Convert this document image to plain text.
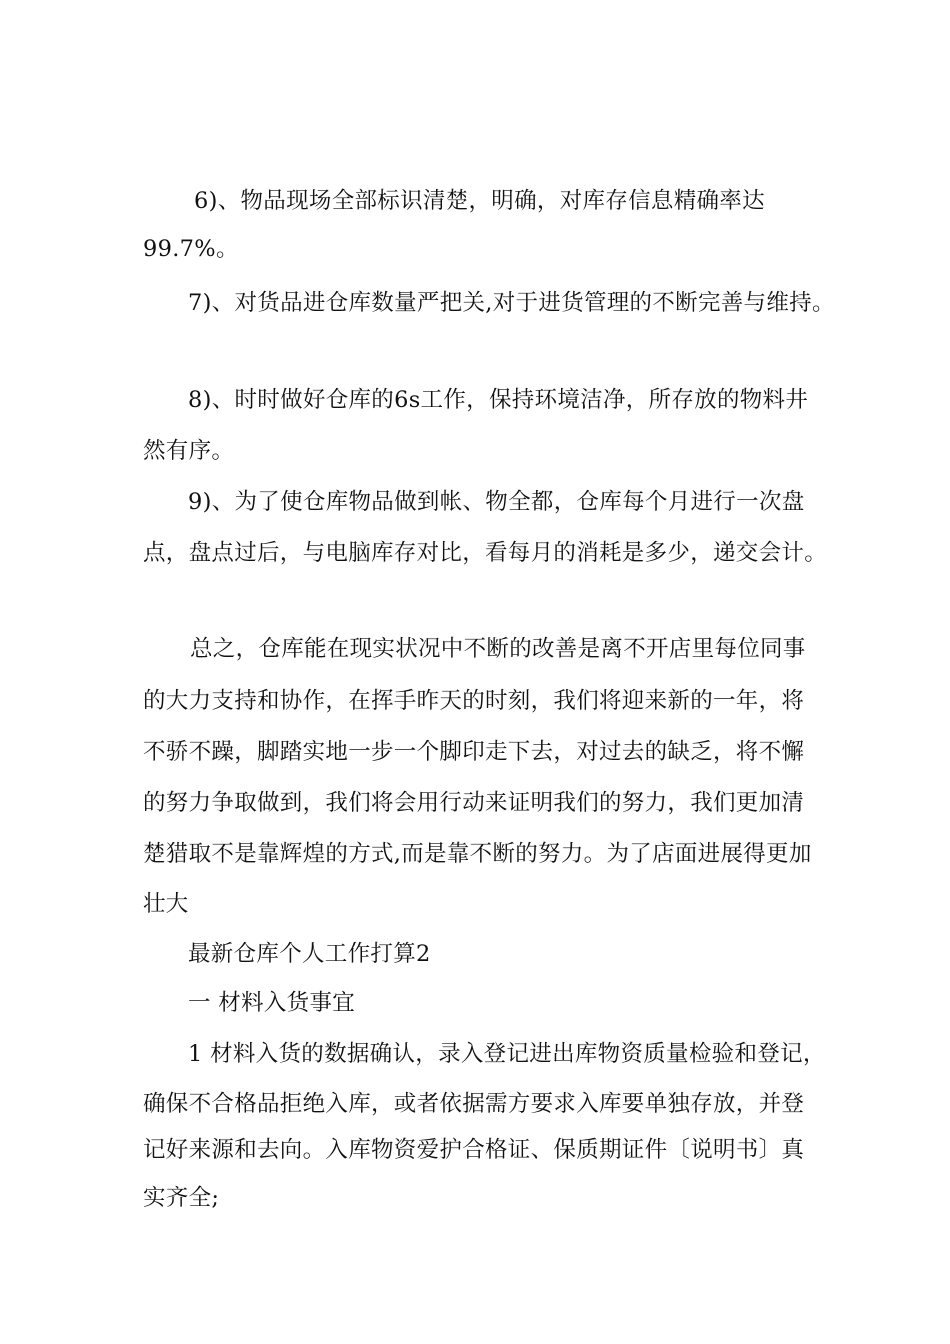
6)、物品现场全部标识清楚，明确，对库存信息精确率达
99.7%。
7)、对货品进仓库数量严把关,对于进货管理的不断完善与维持。
8)、时时做好仓库的6s工作，保持环境洁净，所存放的物料井
然有序。
9)、为了使仓库物品做到帐、物全都，仓库每个月进行一次盘
点，盘点过后，与电脑库存对比，看每月的消耗是多少，递交会计。
总之，仓库能在现实状况中不断的改善是离不开店里每位同事
的大力支持和协作，在挥手昨天的时刻，我们将迎来新的一年，将
不骄不躁，脚踏实地一步一个脚印走下去，对过去的缺乏，将不懈
的努力争取做到，我们将会用行动来证明我们的努力，我们更加清
楚猎取不是靠辉煌的方式,而是靠不断的努力。为了店面进展得更加
壮大
最新仓库个人工作打算2
一 材料入货事宜
1 材料入货的数据确认，录入登记进出库物资质量检验和登记，
确保不合格品拒绝入库，或者依据需方要求入库要单独存放，并登
记好来源和去向。入库物资爱护合格证、保质期证件〔说明书〕真
实齐全;
